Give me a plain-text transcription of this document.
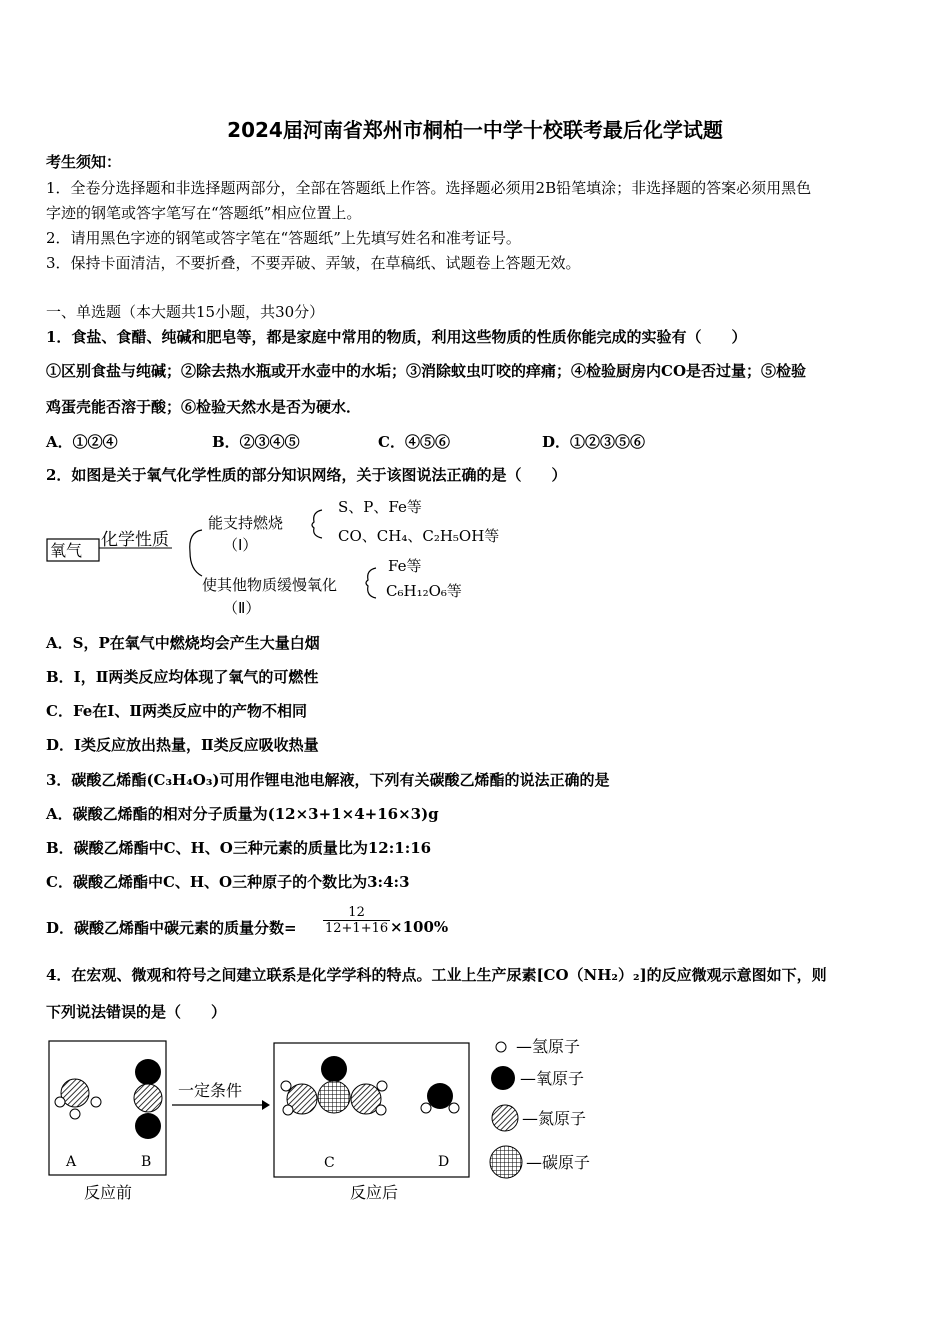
2024届河南省郑州市桐柏一中学十校联考最后化学试题
考生须知：
1．全卷分选择题和非选择题两部分，全部在答题纸上作答。选择题必须用2B铅笔填涂；非选择题的答案必须用黑色
字迹的钢笔或答字笔写在“答题纸”相应位置上。
2．请用黑色字迹的钢笔或答字笔在“答题纸”上先填写姓名和准考证号。
3．保持卡面清洁，不要折叠，不要弄破、弄皱，在草稿纸、试题卷上答题无效。
一、单选题（本大题共15小题，共30分）
1．食盐、食醋、纯碱和肥皂等，都是家庭中常用的物质，利用这些物质的性质你能完成的实验有（　　）
①区别食盐与纯碱；②除去热水瓶或开水壶中的水垢；③消除蚊虫叮咬的痒痛；④检验厨房内CO是否过量；⑤检验
鸡蛋壳能否溶于酸；⑥检验天然水是否为硬水．
A．①②④	B．②③④⑤	C．④⑤⑥	D．①②③⑤⑥
2．如图是关于氧气化学性质的部分知识网络，关于该图说法正确的是（　　）
氧气
化学性质
能支持燃烧
（Ⅰ）
S、P、Fe等
CO、CH₄、C₂H₅OH等
使其他物质缓慢氧化
（Ⅱ）
Fe等
C₆H₁₂O₆等
A．S，P在氧气中燃烧均会产生大量白烟
B．Ⅰ，Ⅱ两类反应均体现了氧气的可燃性
C．Fe在Ⅰ、Ⅱ两类反应中的产物不相同
D．Ⅰ类反应放出热量，Ⅱ类反应吸收热量
3．碳酸乙烯酯(C₃H₄O₃)可用作锂电池电解液，下列有关碳酸乙烯酯的说法正确的是
A．碳酸乙烯酯的相对分子质量为(12×3+1×4+16×3)g
B．碳酸乙烯酯中C、H、O三种元素的质量比为12:1:16
C．碳酸乙烯酯中C、H、O三种原子的个数比为3:4:3
D．碳酸乙烯酯中碳元素的质量分数= $\frac{12}{12+1+16} \times 100\%$
4．在宏观、微观和符号之间建立联系是化学学科的特点。工业上生产尿素[CO（NH₂）₂]的反应微观示意图如下，则
下列说法错误的是（　　）
A	B
反应前
一定条件
C	D
反应后
—氢原子
—氧原子
—氮原子
—碳原子
